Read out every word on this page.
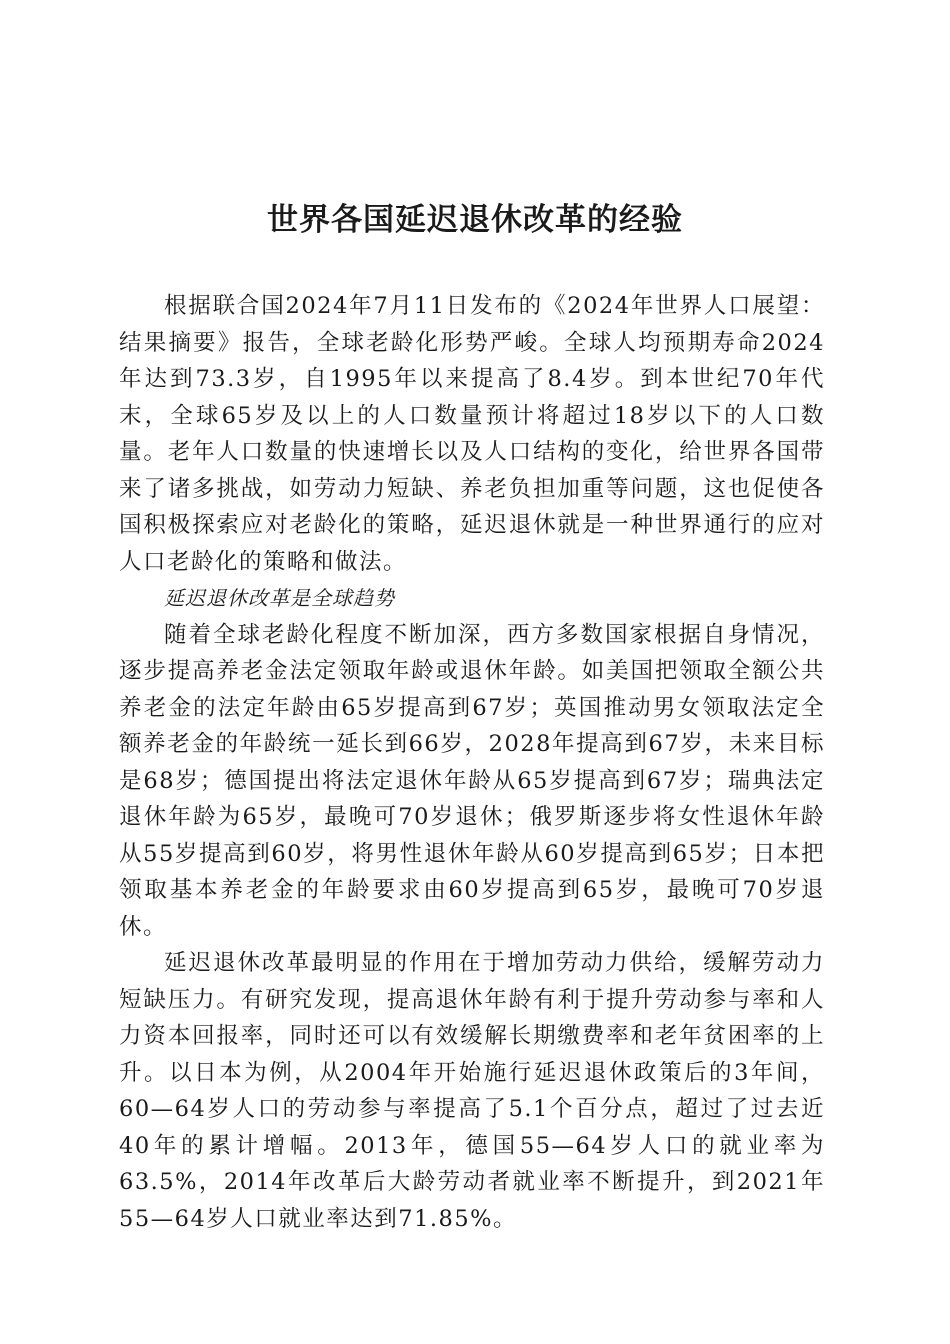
世界各国延迟退休改革的经验

根据联合国2024年7月11日发布的《2024年世界人口展望：结果摘要》报告，全球老龄化形势严峻。全球人均预期寿命2024年达到73.3岁，自1995年以来提高了8.4岁。到本世纪70年代末，全球65岁及以上的人口数量预计将超过18岁以下的人口数量。老年人口数量的快速增长以及人口结构的变化，给世界各国带来了诸多挑战，如劳动力短缺、养老负担加重等问题，这也促使各国积极探索应对老龄化的策略，延迟退休就是一种世界通行的应对人口老龄化的策略和做法。

延迟退休改革是全球趋势

随着全球老龄化程度不断加深，西方多数国家根据自身情况，逐步提高养老金法定领取年龄或退休年龄。如美国把领取全额公共养老金的法定年龄由65岁提高到67岁；英国推动男女领取法定全额养老金的年龄统一延长到66岁，2028年提高到67岁，未来目标是68岁；德国提出将法定退休年龄从65岁提高到67岁；瑞典法定退休年龄为65岁，最晚可70岁退休；俄罗斯逐步将女性退休年龄从55岁提高到60岁，将男性退休年龄从60岁提高到65岁；日本把领取基本养老金的年龄要求由60岁提高到65岁，最晚可70岁退休。

延迟退休改革最明显的作用在于增加劳动力供给，缓解劳动力短缺压力。有研究发现，提高退休年龄有利于提升劳动参与率和人力资本回报率，同时还可以有效缓解长期缴费率和老年贫困率的上升。以日本为例，从2004年开始施行延迟退休政策后的3年间，60—64岁人口的劳动参与率提高了5.1个百分点，超过了过去近40年的累计增幅。2013年，德国55—64岁人口的就业率为63.5%，2014年改革后大龄劳动者就业率不断提升，到2021年55—64岁人口就业率达到71.85%。
